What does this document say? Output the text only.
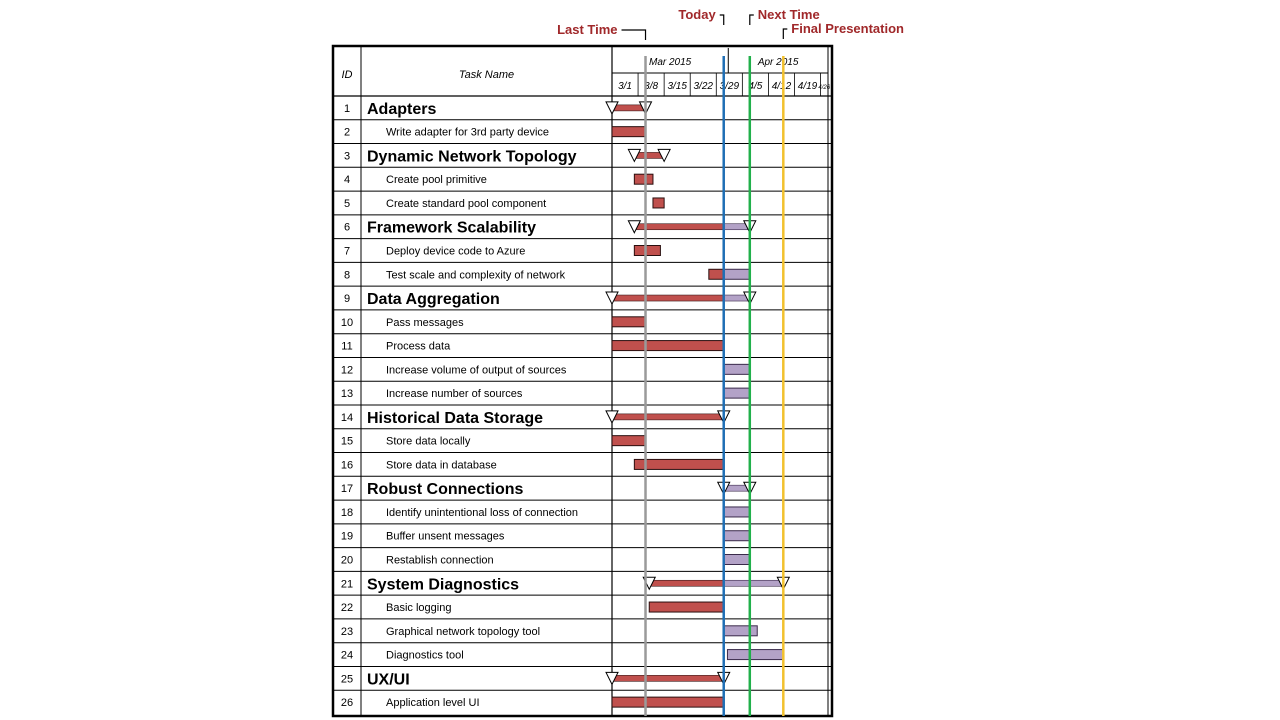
ID	Task Name
Mar 2015	Apr 2015
3/1 3/8 3/15 3/22 3/29 4/5 4/12 4/19 4/26
1 Adapters
2	Write adapter for 3rd party device
3 Dynamic Network Topology
4	Create pool primitive
5	Create standard pool component
6 Framework Scalability
7	Deploy device code to Azure
8	Test scale and complexity of network
9 Data Aggregation
10	Pass messages
11	Process data
12	Increase volume of output of sources
13	Increase number of sources
14 Historical Data Storage
15	Store data locally
16	Store data in database
17 Robust Connections
18	Identify unintentional loss of connection
19	Buffer unsent messages
20	Restablish connection
21 System Diagnostics
22	Basic logging
23	Graphical network topology tool
24	Diagnostics tool
25 UX/UI
26	Application level UI
Last Time
Today	Next Time
Final Presentation
